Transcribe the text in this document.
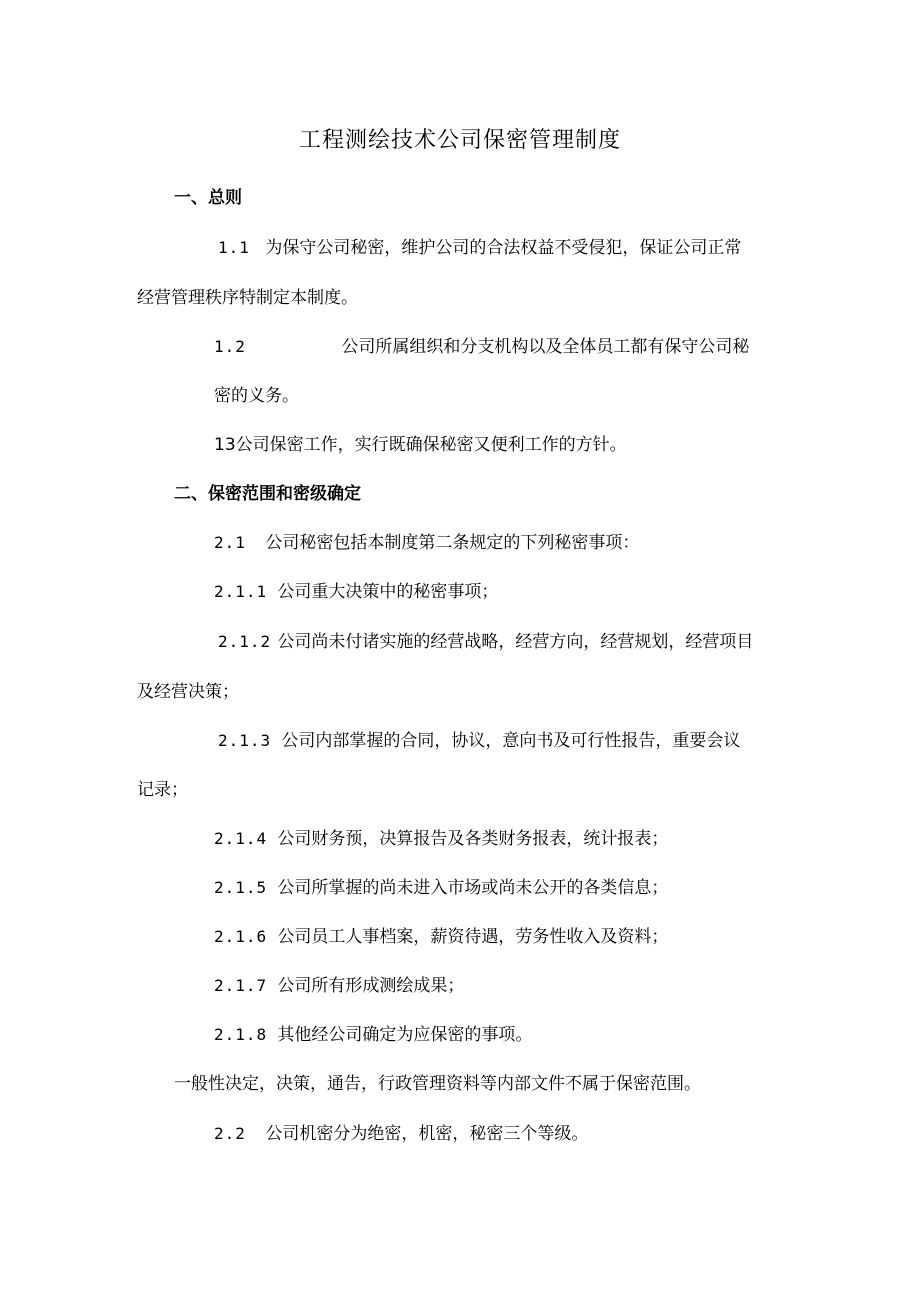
工程测绘技术公司保密管理制度
一、总则
1.1 为保守公司秘密，维护公司的合法权益不受侵犯，保证公司正常
经营管理秩序特制定本制度。
1.2	公司所属组织和分支机构以及全体员工都有保守公司秘
密的义务。
13公司保密工作，实行既确保秘密又便利工作的方针。
二、保密范围和密级确定
2.1 公司秘密包括本制度第二条规定的下列秘密事项：
2.1.1 公司重大决策中的秘密事项；
2.1.2 公司尚未付诸实施的经营战略，经营方向，经营规划，经营项目
及经营决策；
2.1.3 公司内部掌握的合同，协议，意向书及可行性报告，重要会议
记录；
2.1.4 公司财务预，决算报告及各类财务报表，统计报表；
2.1.5 公司所掌握的尚未进入市场或尚未公开的各类信息；
2.1.6 公司员工人事档案，薪资待遇，劳务性收入及资料；
2.1.7 公司所有形成测绘成果；
2.1.8 其他经公司确定为应保密的事项。
一般性决定，决策，通告，行政管理资料等内部文件不属于保密范围。
2.2 公司机密分为绝密，机密，秘密三个等级。
